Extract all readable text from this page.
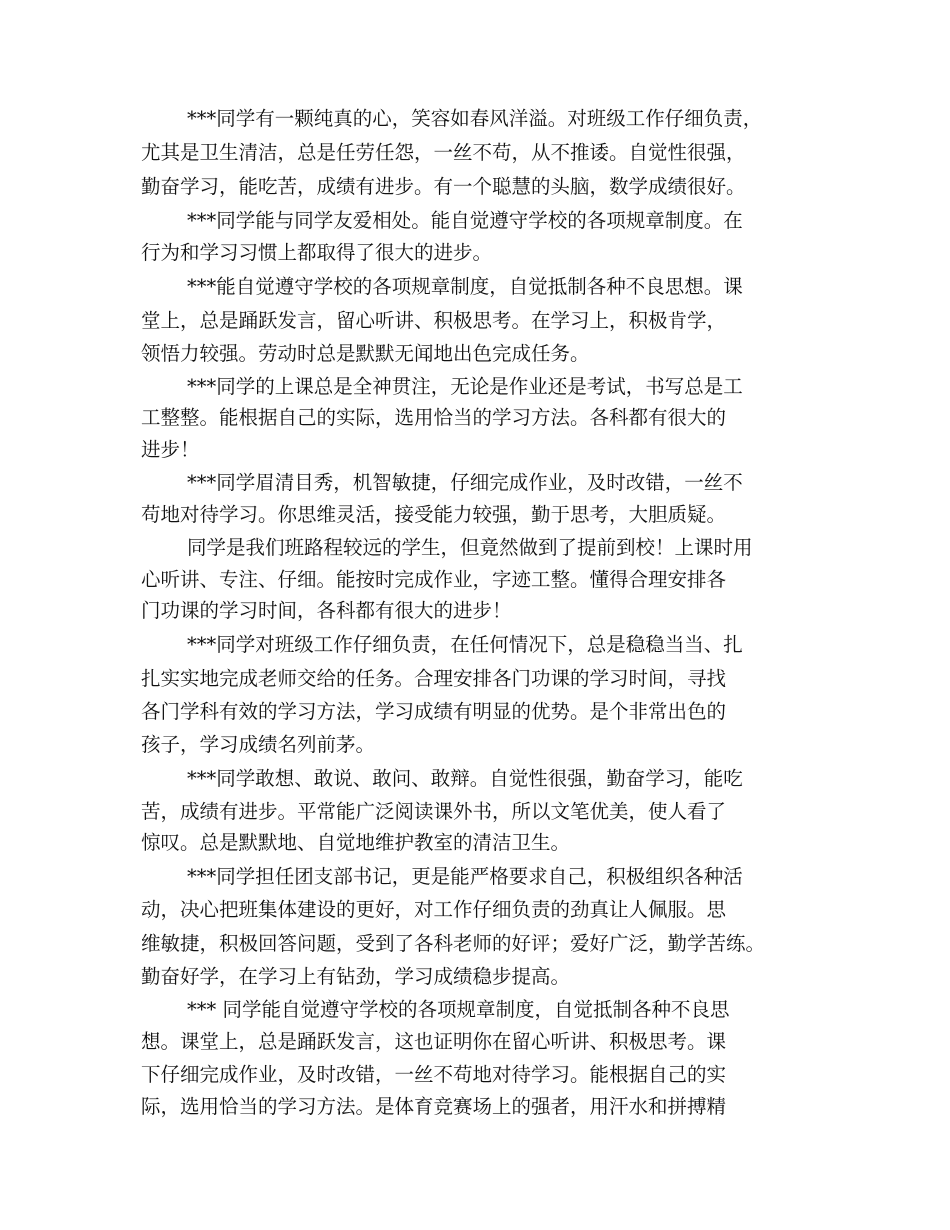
***同学有一颗纯真的心，笑容如春风洋溢。对班级工作仔细负责，
尤其是卫生清洁，总是任劳任怨，一丝不苟，从不推诿。自觉性很强，
勤奋学习，能吃苦，成绩有进步。有一个聪慧的头脑，数学成绩很好。
***同学能与同学友爱相处。能自觉遵守学校的各项规章制度。在
行为和学习习惯上都取得了很大的进步。
***能自觉遵守学校的各项规章制度，自觉抵制各种不良思想。课
堂上，总是踊跃发言，留心听讲、积极思考。在学习上，积极肯学，
领悟力较强。劳动时总是默默无闻地出色完成任务。
***同学的上课总是全神贯注，无论是作业还是考试，书写总是工
工整整。能根据自己的实际，选用恰当的学习方法。各科都有很大的
进步！
***同学眉清目秀，机智敏捷，仔细完成作业，及时改错，一丝不
苟地对待学习。你思维灵活，接受能力较强，勤于思考，大胆质疑。
同学是我们班路程较远的学生，但竟然做到了提前到校！上课时用
心听讲、专注、仔细。能按时完成作业，字迹工整。懂得合理安排各
门功课的学习时间，各科都有很大的进步！
***同学对班级工作仔细负责，在任何情况下，总是稳稳当当、扎
扎实实地完成老师交给的任务。合理安排各门功课的学习时间，寻找
各门学科有效的学习方法，学习成绩有明显的优势。是个非常出色的
孩子，学习成绩名列前茅。
***同学敢想、敢说、敢问、敢辩。自觉性很强，勤奋学习，能吃
苦，成绩有进步。平常能广泛阅读课外书，所以文笔优美，使人看了
惊叹。总是默默地、自觉地维护教室的清洁卫生。
***同学担任团支部书记，更是能严格要求自己，积极组织各种活
动，决心把班集体建设的更好，对工作仔细负责的劲真让人佩服。思
维敏捷，积极回答问题，受到了各科老师的好评；爱好广泛，勤学苦练。
勤奋好学，在学习上有钻劲，学习成绩稳步提高。
*** 同学能自觉遵守学校的各项规章制度，自觉抵制各种不良思
想。课堂上，总是踊跃发言，这也证明你在留心听讲、积极思考。课
下仔细完成作业，及时改错，一丝不苟地对待学习。能根据自己的实
际，选用恰当的学习方法。是体育竞赛场上的强者，用汗水和拼搏精
